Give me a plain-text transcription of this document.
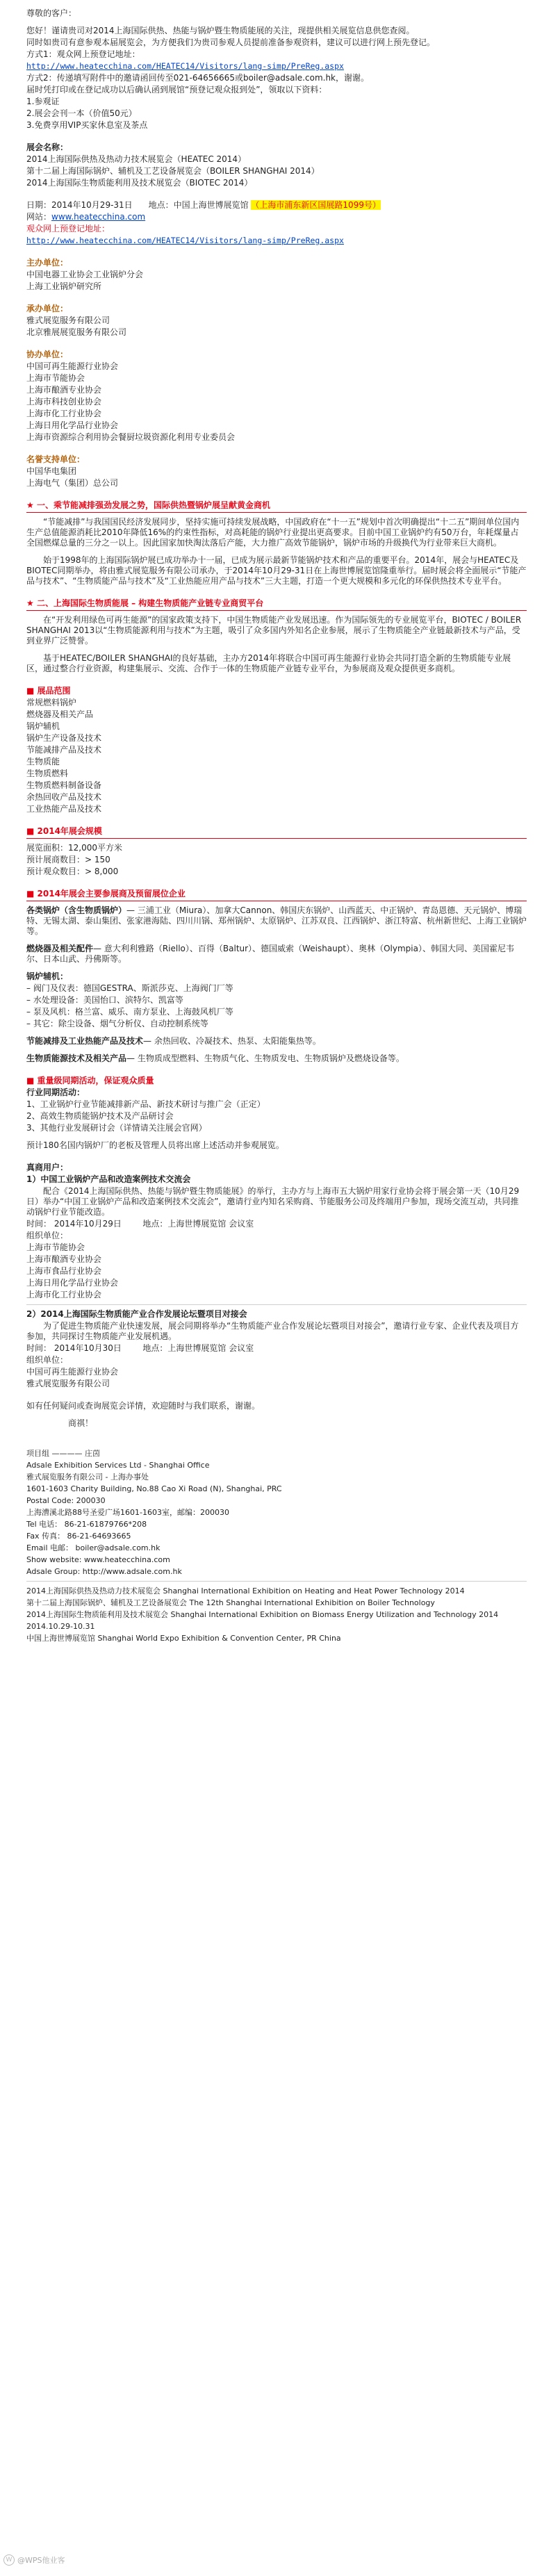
尊敬的客户：

您好！谨请贵司对2014上海国际供热、热能与锅炉暨生物质能展的关注，现提供相关展览信息供您查阅。

同时如贵司有意参观本届展览会，为方便我们为贵司参观人员提前准备参观资料，建议可以进行网上预先登记。

方式1：观众网上预登记地址：

http://www.heatecchina.com/HEATEC14/Visitors/lang-simp/PreReg.aspx

方式2：传递填写附件中的邀请函回传至021-64656665或boiler@adsale.com.hk，谢谢。

届时凭打印或在登记成功以后确认函到展馆“预登记观众报到处”，领取以下资料：

1.参观证

2.展会会刊一本（价值50元）

3.免费享用VIP买家休息室及茶点

展会名称：

2014上海国际供热及热动力技术展览会（HEATEC 2014）

第十二届上海国际锅炉、辅机及工艺设备展览会（BOILER SHANGHAI 2014）

2014上海国际生物质能利用及技术展览会（BIOTEC 2014）

日期：2014年10月29-31日 地点：中国上海世博展览馆 （上海市浦东新区国展路1099号）

网站：www.heatecchina.com

观众网上预登记地址：

http://www.heatecchina.com/HEATEC14/Visitors/lang-simp/PreReg.aspx

主办单位：

中国电器工业协会工业锅炉分会

上海工业锅炉研究所

承办单位：

雅式展览服务有限公司

北京雅展展览服务有限公司

协办单位：

中国可再生能源行业协会

上海市节能协会

上海市酿酒专业协会

上海市科技创业协会

上海市化工行业协会

上海日用化学品行业协会

上海市资源综合利用协会餐厨垃圾资源化利用专业委员会

名誉支持单位：

中国华电集团

上海电气（集团）总公司

★ 一、乘节能减排强劲发展之势，国际供热暨锅炉展呈献黄金商机

“节能减排”与我国国民经济发展同步，坚持实施可持续发展战略，中国政府在“十一五”规划中首次明确提出“十二五”期间单位国内生产总值能源消耗比2010年降低16%的约束性指标，对高耗能的锅炉行业提出更高要求。目前中国工业锅炉约有50万台，年耗煤量占全国燃煤总量的三分之一以上。因此国家加快淘汰落后产能，大力推广高效节能锅炉，锅炉市场的升级换代为行业带来巨大商机。

始于1998年的上海国际锅炉展已成功举办十一届，已成为展示最新节能锅炉技术和产品的重要平台。2014年，展会与HEATEC及BIOTEC同期举办，将由雅式展览服务有限公司承办，于2014年10月29-31日在上海世博展览馆隆重举行。届时展会将全面展示“节能产品与技术”、“生物质能产品与技术”及“工业热能应用产品与技术”三大主题，打造一个更大规模和多元化的环保供热技术专业平台。

★ 二、上海国际生物质能展 – 构建生物质能产业链专业商贸平台

在“开发利用绿色可再生能源”的国家政策支持下，中国生物质能产业发展迅速。作为国际领先的专业展览平台，BIOTEC / BOILER SHANGHAI 2013以“生物质能源利用与技术”为主题，吸引了众多国内外知名企业参展，展示了生物质能全产业链最新技术与产品，受到业界广泛赞誉。

基于HEATEC/BOILER SHANGHAI的良好基础，主办方2014年将联合中国可再生能源行业协会共同打造全新的生物质能专业展区，通过整合行业资源，构建集展示、交流、合作于一体的生物质能产业链专业平台，为参展商及观众提供更多商机。

■ 展品范围

常规燃料锅炉

燃烧器及相关产品

锅炉辅机

锅炉生产设备及技术

节能减排产品及技术

生物质能

生物质燃料

生物质燃料制备设备

余热回收产品及技术

工业热能产品及技术

■ 2014年展会规模

展览面积：12,000平方米

预计展商数目：> 150

预计观众数目：> 8,000

■ 2014年展会主要参展商及预留展位企业

各类锅炉（含生物质锅炉）— 三浦工业（Miura）、加拿大Cannon、韩国庆东锅炉、山西蓝天、中正锅炉、青岛恩德、天元锅炉、博瑞特、无锡太湖、泰山集团、张家港海陆、四川川锅、郑州锅炉、太原锅炉、江苏双良、江西锅炉、浙江特富、杭州新世纪、上海工业锅炉等。

燃烧器及相关配件— 意大利利雅路（Riello）、百得（Baltur）、德国威索（Weishaupt）、奥林（Olympia）、韩国大同、美国霍尼韦尔、日本山武、丹佛斯等。

锅炉辅机：

– 阀门及仪表：德国GESTRA、斯派莎克、上海阀门厂等

– 水处理设备：美国怡口、滨特尔、凯富等

– 泵及风机：格兰富、威乐、南方泵业、上海鼓风机厂等

– 其它：除尘设备、烟气分析仪、自动控制系统等

节能减排及工业热能产品及技术— 余热回收、冷凝技术、热泵、太阳能集热等。

生物质能源技术及相关产品— 生物质成型燃料、生物质气化、生物质发电、生物质锅炉及燃烧设备等。

■ 重量级同期活动，保证观众质量

行业同期活动：

1、工业锅炉行业节能减排新产品、新技术研讨与推广会（正定）

2、高效生物质能锅炉技术及产品研讨会

3、其他行业发展研讨会（详情请关注展会官网）

预计180名国内锅炉厂的老板及管理人员将出席上述活动并参观展览。

真商用户：

1）中国工业锅炉产品和改造案例技术交流会

配合《2014上海国际供热、热能与锅炉暨生物质能展》的举行，主办方与上海市五大锅炉用家行业协会将于展会第一天（10月29日）举办“中国工业锅炉产品和改造案例技术交流会”，邀请行业内知名采购商、节能服务公司及终端用户参加，现场交流互动，共同推动锅炉行业节能改造。

时间： 2014年10月29日	地点：上海世博展览馆 会议室

组织单位：

上海市节能协会

上海市酿酒专业协会

上海市食品行业协会

上海日用化学品行业协会

上海市化工行业协会

2）2014上海国际生物质能产业合作发展论坛暨项目对接会

为了促进生物质能产业快速发展，展会同期将举办“生物质能产业合作发展论坛暨项目对接会”，邀请行业专家、企业代表及项目方参加，共同探讨生物质能产业发展机遇。

时间： 2014年10月30日	地点：上海世博展览馆 会议室

组织单位：

中国可再生能源行业协会

雅式展览服务有限公司

如有任何疑问或查询展览会详情，欢迎随时与我们联系，谢谢。

商祺！

项目组 ———— 庄茵

Adsale Exhibition Services Ltd - Shanghai Office

雅式展览服务有限公司 - 上海办事处

1601-1603 Charity Building, No.88 Cao Xi Road (N), Shanghai, PRC

Postal Code: 200030

上海漕溪北路88号圣爱广场1601-1603室，邮编：200030

Tel 电话： 86-21-61879766*208

Fax 传真： 86-21-64693665

Email 电邮： boiler@adsale.com.hk

Show website: www.heatecchina.com

Adsale Group: http://www.adsale.com.hk

2014上海国际供热及热动力技术展览会 Shanghai International Exhibition on Heating and Heat Power Technology 2014

第十二届上海国际锅炉、辅机及工艺设备展览会 The 12th Shanghai International Exhibition on Boiler Technology

2014上海国际生物质能利用及技术展览会 Shanghai International Exhibition on Biomass Energy Utilization and Technology 2014

2014.10.29-10.31

中国上海世博展览馆 Shanghai World Expo Exhibition & Convention Center, PR China

W @WPS他业客
